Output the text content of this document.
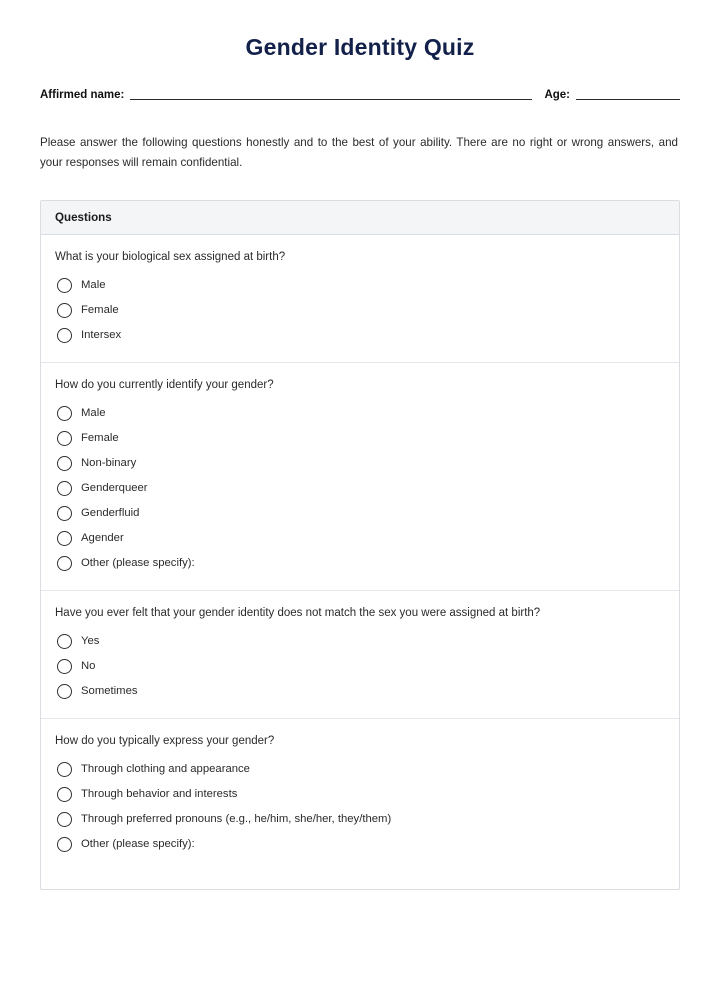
Gender Identity Quiz
Affirmed name:	Age:

Please answer the following questions honestly and to the best of your ability. There are no right or wrong answers, and your responses will remain confidential.

Questions
What is your biological sex assigned at birth?
Male
Female
Intersex
How do you currently identify your gender?
Male
Female
Non-binary
Genderqueer
Genderfluid
Agender
Other (please specify):
Have you ever felt that your gender identity does not match the sex you were assigned at birth?
Yes
No
Sometimes
How do you typically express your gender?
Through clothing and appearance
Through behavior and interests
Through preferred pronouns (e.g., he/him, she/her, they/them)
Other (please specify):
